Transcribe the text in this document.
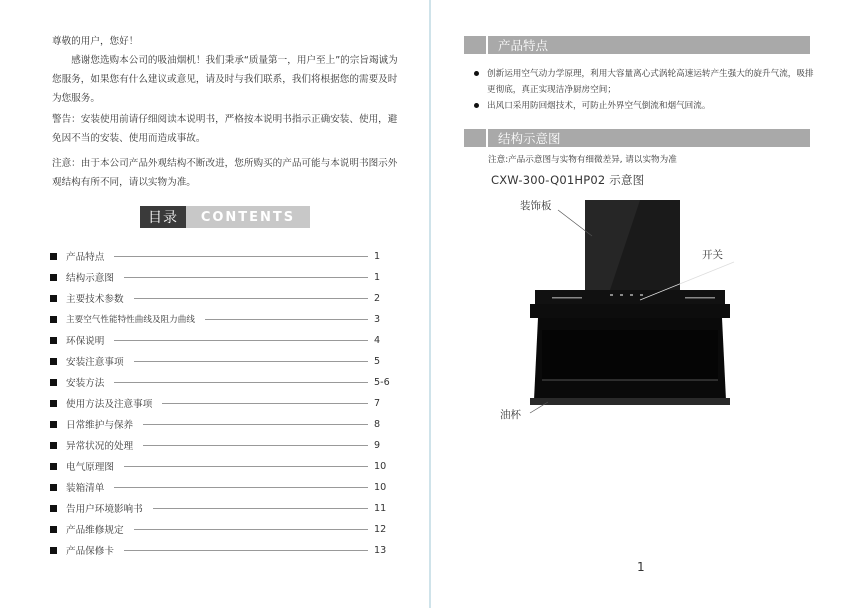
尊敬的用户，您好！

感谢您选购本公司的吸油烟机！我们秉承“质量第一，用户至上”的宗旨竭诚为您服务，如果您有什么建议或意见，请及时与我们联系，我们将根据您的需要及时为您服务。

警告：安装使用前请仔细阅读本说明书，严格按本说明书指示正确安装、使用，避免因不当的安装、使用而造成事故。

注意：由于本公司产品外观结构不断改进，您所购买的产品可能与本说明书图示外观结构有所不同，请以实物为准。

目录	CONTENTS
产品特点	1
结构示意图	1
主要技术参数	2
主要空气性能特性曲线及阻力曲线	3
环保说明	4
安装注意事项	5
安装方法	5-6
使用方法及注意事项	7
日常维护与保养	8
异常状况的处理	9
电气原理图	10
装箱清单	10
告用户环境影响书	11
产品维修规定	12
产品保修卡	13
产品特点
创新运用空气动力学原理，利用大容量离心式涡轮高速运转产生强大的旋升气流，吸排更彻底，真正实现洁净厨房空间；
出风口采用防回烟技术，可防止外界空气倒流和烟气回流。
结构示意图
注意:产品示意图与实物有细微差异, 请以实物为准
CXW-300-Q01HP02 示意图
装饰板
开关
油杯
1
